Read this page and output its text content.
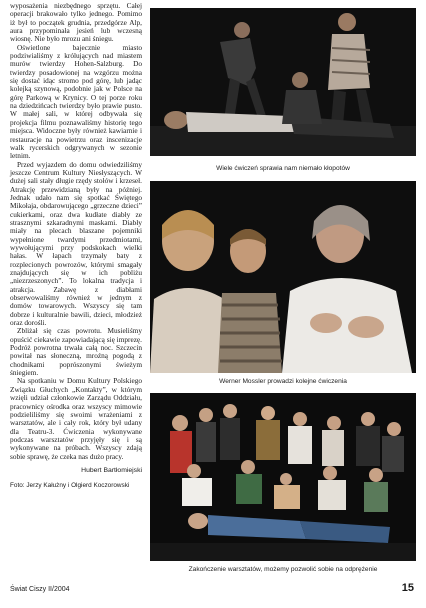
wyposażenia niezbędnego sprzętu. Całej operacji brakowało tylko jednego. Pomimo iż był to początek grudnia, przedgórze Alp, aura przypominała jesień lub wczesną wiosnę. Nie było mrozu ani śniegu.

Oświetlone bajecznie miasto podziwialiśmy z królujących nad miastem murów twierdzy Hohen-Salzburg. Do twierdzy posadowionej na wzgórzu można się dostać idąc stromo pod górę, lub jadąc kolejką szynową, podobnie jak w Polsce na górę Parkową w Krynicy. O tej porze roku na dziedzińcach twierdzy było prawie pusto. W małej sali, w której odbywała się projekcja filmu poznawaliśmy historię tego miejsca. Widoczne były również kawiarnie i restauracje na powietrzu oraz inscenizacje walk rycerskich odgrywanych w sezonie letnim.

Przed wyjazdem do domu odwiedziliśmy jeszcze Centrum Kultury Niesłyszących. W dużej sali stały długie rzędy stołów i krzeseł. Atrakcję przewidzianą były na później. Jednak udało nam się spotkać Świętego Mikołaja, obdarowującego „grzeczne dzieci” cukierkami, oraz dwa kudłate diabły ze strasznymi szkaradnymi maskami. Diabły miały na plecach blaszane pojemniki wypełnione twardymi przedmiotami, wywołującymi przy podskokach wielki hałas. W łapach trzymały baty z rozplecionych powrozów, którymi smagały znajdujących się w ich pobliżu „niezrzeszonych”. To lokalna tradycja i atrakcja. Zabawę z diabłami obserwowaliśmy również w jednym z domów towarowych. Wszyscy się tam dobrze i kulturalnie bawili, dzieci, młodzież oraz dorośli.

Zbliżał się czas powrotu. Musieliśmy opuścić ciekawie zapowiadającą się imprezę. Podróż powrotna trwała całą noc. Szczecin powitał nas słoneczną, mroźną pogodą z chodnikami poprószonymi świeżym śniegiem.

Na spotkaniu w Domu Kultury Polskiego Związku Głuchych „Kontakty”, w którym wzięli udział członkowie Zarządu Oddziału, pracownicy ośrodka oraz wszyscy mimowie podzieliliśmy się swoimi wrażeniami z warsztatów, ale i cały rok, który był udany dla Teatru-3. Ćwiczenia wykonywane podczas warsztatów przyjęły się i są wykonywane na próbach. Wszyscy zdają sobie sprawę, że czeka nas dużo pracy.

Hubert Bartłomiejski
Foto: Jerzy Kałużny i Olgierd Koczorowski
Wiele ćwiczeń sprawia nam niemało kłopotów
Werner Mossler prowadzi kolejne ćwiczenia
Zakończenie warsztatów, możemy pozwolić sobie na odprężenie
Świat Ciszy II/2004	15
